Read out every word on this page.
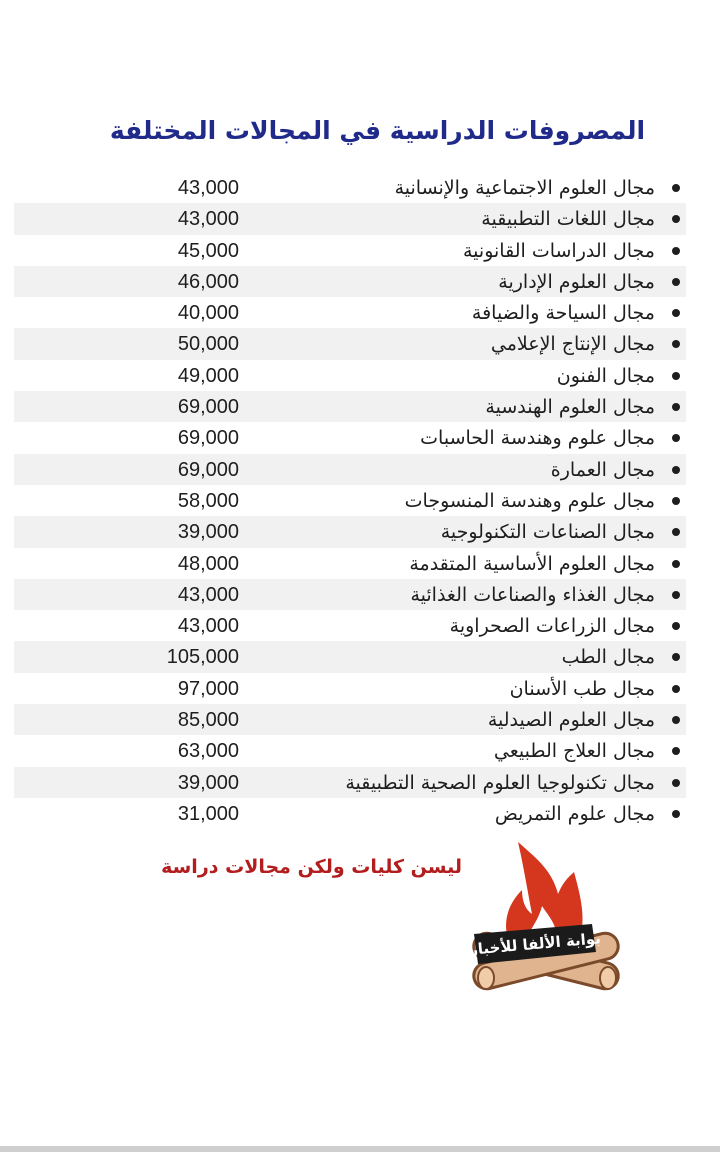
المصروفات الدراسية في المجالات المختلفة
مجال العلوم الاجتماعية والإنسانية
43,000
مجال اللغات التطبيقية
43,000
مجال الدراسات القانونية
45,000
مجال العلوم الإدارية
46,000
مجال السياحة والضيافة
40,000
مجال الإنتاج الإعلامي
50,000
مجال الفنون
49,000
مجال العلوم الهندسية
69,000
مجال علوم وهندسة الحاسبات
69,000
مجال العمارة
69,000
مجال علوم وهندسة المنسوجات
58,000
مجال الصناعات التكنولوجية
39,000
مجال العلوم الأساسية المتقدمة
48,000
مجال الغذاء والصناعات الغذائية
43,000
مجال الزراعات الصحراوية
43,000
مجال الطب
105,000
مجال طب الأسنان
97,000
مجال العلوم الصيدلية
85,000
مجال العلاج الطبيعي
63,000
مجال تكنولوجيا العلوم الصحية التطبيقية
39,000
مجال علوم التمريض
31,000
ليسن كليات ولكن مجالات دراسة
بوابة الألفا للأخبار
